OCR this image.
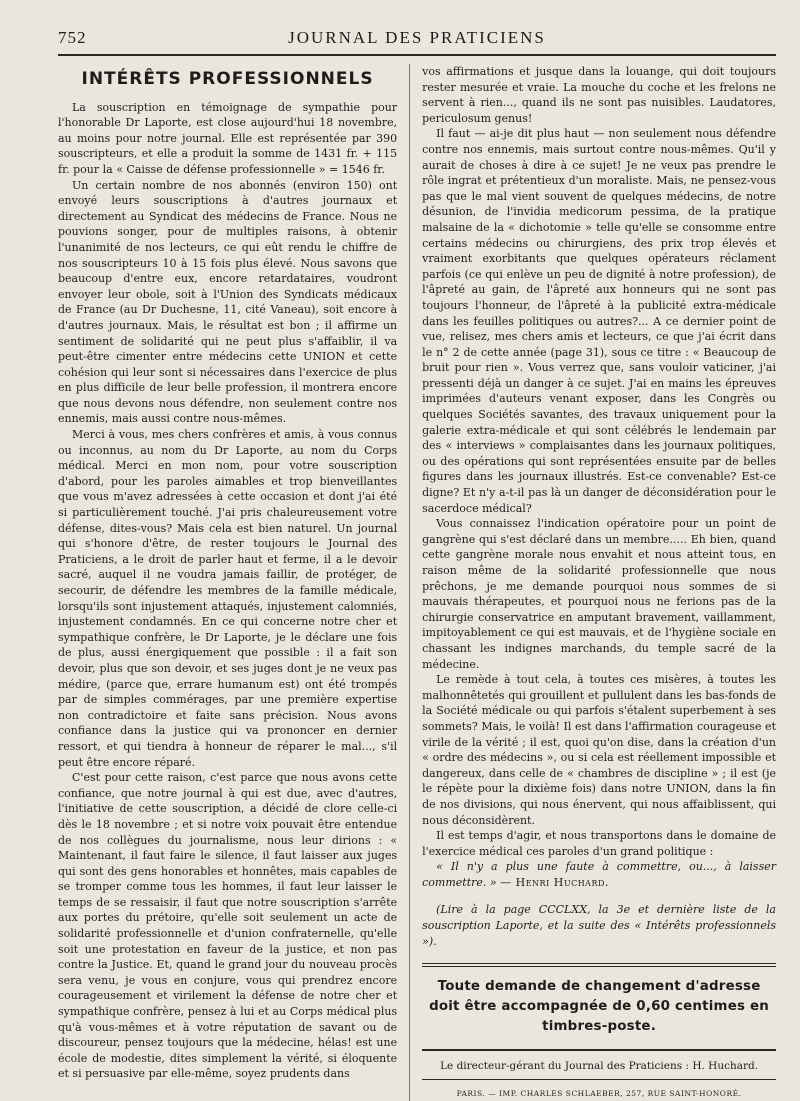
752	JOURNAL DES PRATICIENS
INTÉRÊTS PROFESSIONNELS

La souscription en témoignage de sympathie pour l'honorable Dr Laporte, est close aujourd'hui 18 novembre, au moins pour notre journal. Elle est représentée par 390 souscripteurs, et elle a produit la somme de 1431 fr. + 115 fr. pour la « Caisse de défense professionnelle » = 1546 fr.

Un certain nombre de nos abonnés (environ 150) ont envoyé leurs souscriptions à d'autres journaux et directement au Syndicat des médecins de France. Nous ne pouvions songer, pour de multiples raisons, à obtenir l'unanimité de nos lecteurs, ce qui eût rendu le chiffre de nos souscripteurs 10 à 15 fois plus élevé. Nous savons que beaucoup d'entre eux, encore retardataires, voudront envoyer leur obole, soit à l'Union des Syndicats médicaux de France (au Dr Duchesne, 11, cité Vaneau), soit encore à d'autres journaux. Mais, le résultat est bon ; il affirme un sentiment de solidarité qui ne peut plus s'affaiblir, il va peut-être cimenter entre médecins cette UNION et cette cohésion qui leur sont si nécessaires dans l'exercice de plus en plus difficile de leur belle profession, il montrera encore que nous devons nous défendre, non seulement contre nos ennemis, mais aussi contre nous-mêmes.

Merci à vous, mes chers confrères et amis, à vous connus ou inconnus, au nom du Dr Laporte, au nom du Corps médical. Merci en mon nom, pour votre souscription d'abord, pour les paroles aimables et trop bienveillantes que vous m'avez adressées à cette occasion et dont j'ai été si particulièrement touché. J'ai pris chaleureusement votre défense, dites-vous? Mais cela est bien naturel. Un journal qui s'honore d'être, de rester toujours le Journal des Praticiens, a le droit de parler haut et ferme, il a le devoir sacré, auquel il ne voudra jamais faillir, de protéger, de secourir, de défendre les membres de la famille médicale, lorsqu'ils sont injustement attaqués, injustement calomniés, injustement condamnés. En ce qui concerne notre cher et sympathique confrère, le Dr Laporte, je le déclare une fois de plus, aussi énergiquement que possible : il a fait son devoir, plus que son devoir, et ses juges dont je ne veux pas médire, (parce que, errare humanum est) ont été trompés par de simples commérages, par une première expertise non contradictoire et faite sans précision. Nous avons confiance dans la justice qui va prononcer en dernier ressort, et qui tiendra à honneur de réparer le mal..., s'il peut être encore réparé.

C'est pour cette raison, c'est parce que nous avons cette confiance, que notre journal à qui est due, avec d'autres, l'initiative de cette souscription, a décidé de clore celle-ci dès le 18 novembre ; et si notre voix pouvait être entendue de nos collègues du journalisme, nous leur dirions : « Maintenant, il faut faire le silence, il faut laisser aux juges qui sont des gens honorables et honnêtes, mais capables de se tromper comme tous les hommes, il faut leur laisser le temps de se ressaisir, il faut que notre souscription s'arrête aux portes du prétoire, qu'elle soit seulement un acte de solidarité professionnelle et d'union confraternelle, qu'elle soit une protestation en faveur de la justice, et non pas contre la Justice. Et, quand le grand jour du nouveau procès sera venu, je vous en conjure, vous qui prendrez encore courageusement et virilement la défense de notre cher et sympathique confrère, pensez à lui et au Corps médical plus qu'à vous-mêmes et à votre réputation de savant ou de discoureur, pensez toujours que la médecine, hélas! est une école de modestie, dites simplement la vérité, si éloquente et si persuasive par elle-même, soyez prudents dans

vos affirmations et jusque dans la louange, qui doit toujours rester mesurée et vraie. La mouche du coche et les frelons ne servent à rien..., quand ils ne sont pas nuisibles. Laudatores, periculosum genus!

Il faut — ai-je dit plus haut — non seulement nous défendre contre nos ennemis, mais surtout contre nous-mêmes. Qu'il y aurait de choses à dire à ce sujet! Je ne veux pas prendre le rôle ingrat et prétentieux d'un moraliste. Mais, ne pensez-vous pas que le mal vient souvent de quelques médecins, de notre désunion, de l'invidia medicorum pessima, de la pratique malsaine de la « dichotomie » telle qu'elle se consomme entre certains médecins ou chirurgiens, des prix trop élevés et vraiment exorbitants que quelques opérateurs réclament parfois (ce qui enlève un peu de dignité à notre profession), de l'âpreté au gain, de l'âpreté aux honneurs qui ne sont pas toujours l'honneur, de l'âpreté à la publicité extra-médicale dans les feuilles politiques ou autres?... A ce dernier point de vue, relisez, mes chers amis et lecteurs, ce que j'ai écrit dans le n° 2 de cette année (page 31), sous ce titre : « Beaucoup de bruit pour rien ». Vous verrez que, sans vouloir vaticiner, j'ai pressenti déjà un danger à ce sujet. J'ai en mains les épreuves imprimées d'auteurs venant exposer, dans les Congrès ou quelques Sociétés savantes, des travaux uniquement pour la galerie extra-médicale et qui sont célébrés le lendemain par des « interviews » complaisantes dans les journaux politiques, ou des opérations qui sont représentées ensuite par de belles figures dans les journaux illustrés. Est-ce convenable? Est-ce digne? Et n'y a-t-il pas là un danger de déconsidération pour le sacerdoce médical?

Vous connaissez l'indication opératoire pour un point de gangrène qui s'est déclaré dans un membre..... Eh bien, quand cette gangrène morale nous envahit et nous atteint tous, en raison même de la solidarité professionnelle que nous prêchons, je me demande pourquoi nous sommes de si mauvais thérapeutes, et pourquoi nous ne ferions pas de la chirurgie conservatrice en amputant bravement, vaillamment, impitoyablement ce qui est mauvais, et de l'hygiène sociale en chassant les indignes marchands, du temple sacré de la médecine.

Le remède à tout cela, à toutes ces misères, à toutes les malhonnêtetés qui grouillent et pullulent dans les bas-fonds de la Société médicale ou qui parfois s'étalent superbement à ses sommets? Mais, le voilà! Il est dans l'affirmation courageuse et virile de la vérité ; il est, quoi qu'on dise, dans la création d'un « ordre des médecins », ou si cela est réellement impossible et dangereux, dans celle de « chambres de discipline » ; il est (je le répète pour la dixième fois) dans notre UNION, dans la fin de nos divisions, qui nous énervent, qui nous affaiblissent, qui nous déconsidèrent.

Il est temps d'agir, et nous transportons dans le domaine de l'exercice médical ces paroles d'un grand politique :

« Il n'y a plus une faute à commettre, ou..., à laisser commettre. » — Henri Huchard.

(Lire à la page CCCLXX, la 3e et dernière liste de la souscription Laporte, et la suite des « Intérêts professionnels »).

Toute demande de changement d'adresse doit être accompagnée de 0,60 centimes en timbres-poste.
Le directeur-gérant du Journal des Praticiens : H. Huchard.
PARIS. — IMP. CHARLES SCHLAEBER, 257, RUE SAINT-HONORÉ.
